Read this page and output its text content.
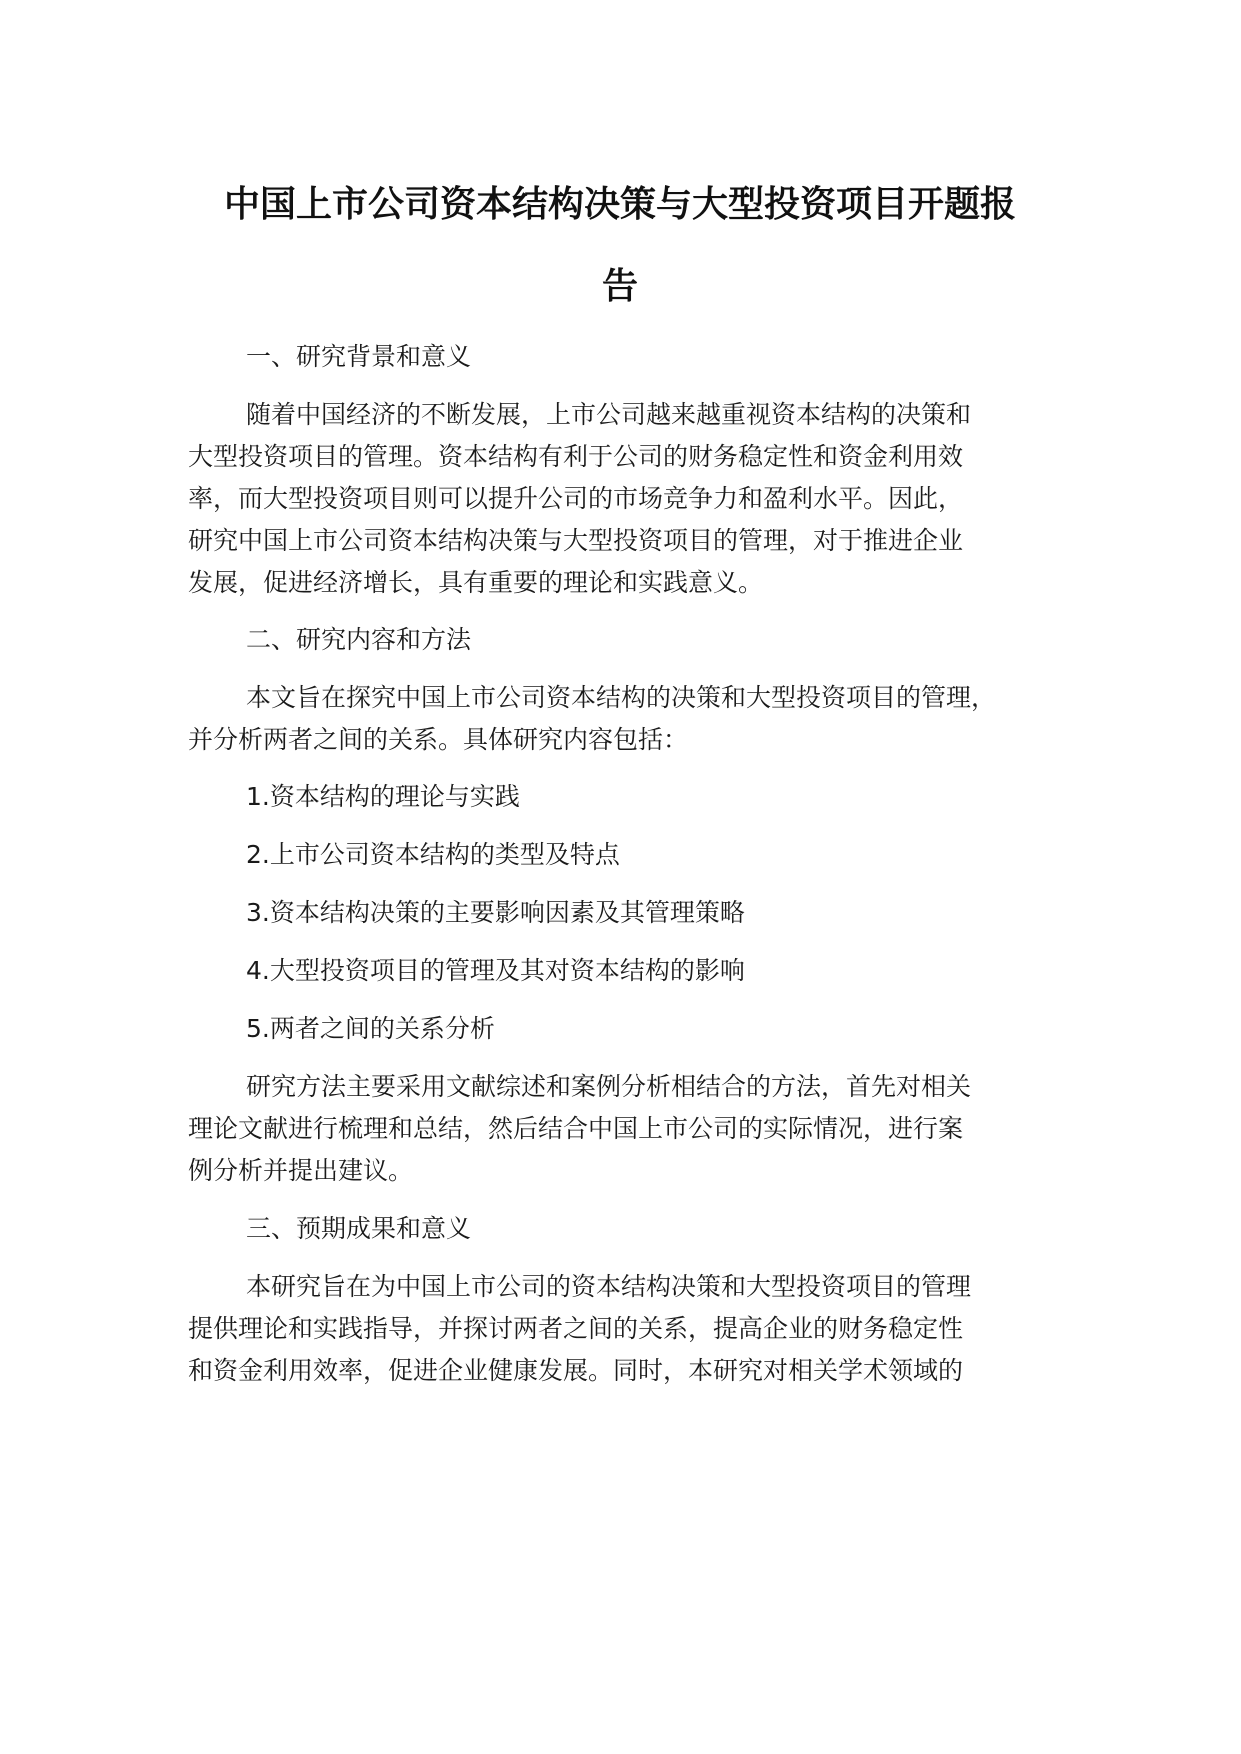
中国上市公司资本结构决策与大型投资项目开题报
告
一、研究背景和意义
随着中国经济的不断发展，上市公司越来越重视资本结构的决策和
大型投资项目的管理。资本结构有利于公司的财务稳定性和资金利用效
率，而大型投资项目则可以提升公司的市场竞争力和盈利水平。因此，
研究中国上市公司资本结构决策与大型投资项目的管理，对于推进企业
发展，促进经济增长，具有重要的理论和实践意义。
二、研究内容和方法
本文旨在探究中国上市公司资本结构的决策和大型投资项目的管理，
并分析两者之间的关系。具体研究内容包括：
1.资本结构的理论与实践
2.上市公司资本结构的类型及特点
3.资本结构决策的主要影响因素及其管理策略
4.大型投资项目的管理及其对资本结构的影响
5.两者之间的关系分析
研究方法主要采用文献综述和案例分析相结合的方法，首先对相关
理论文献进行梳理和总结，然后结合中国上市公司的实际情况，进行案
例分析并提出建议。
三、预期成果和意义
本研究旨在为中国上市公司的资本结构决策和大型投资项目的管理
提供理论和实践指导，并探讨两者之间的关系，提高企业的财务稳定性
和资金利用效率，促进企业健康发展。同时，本研究对相关学术领域的
